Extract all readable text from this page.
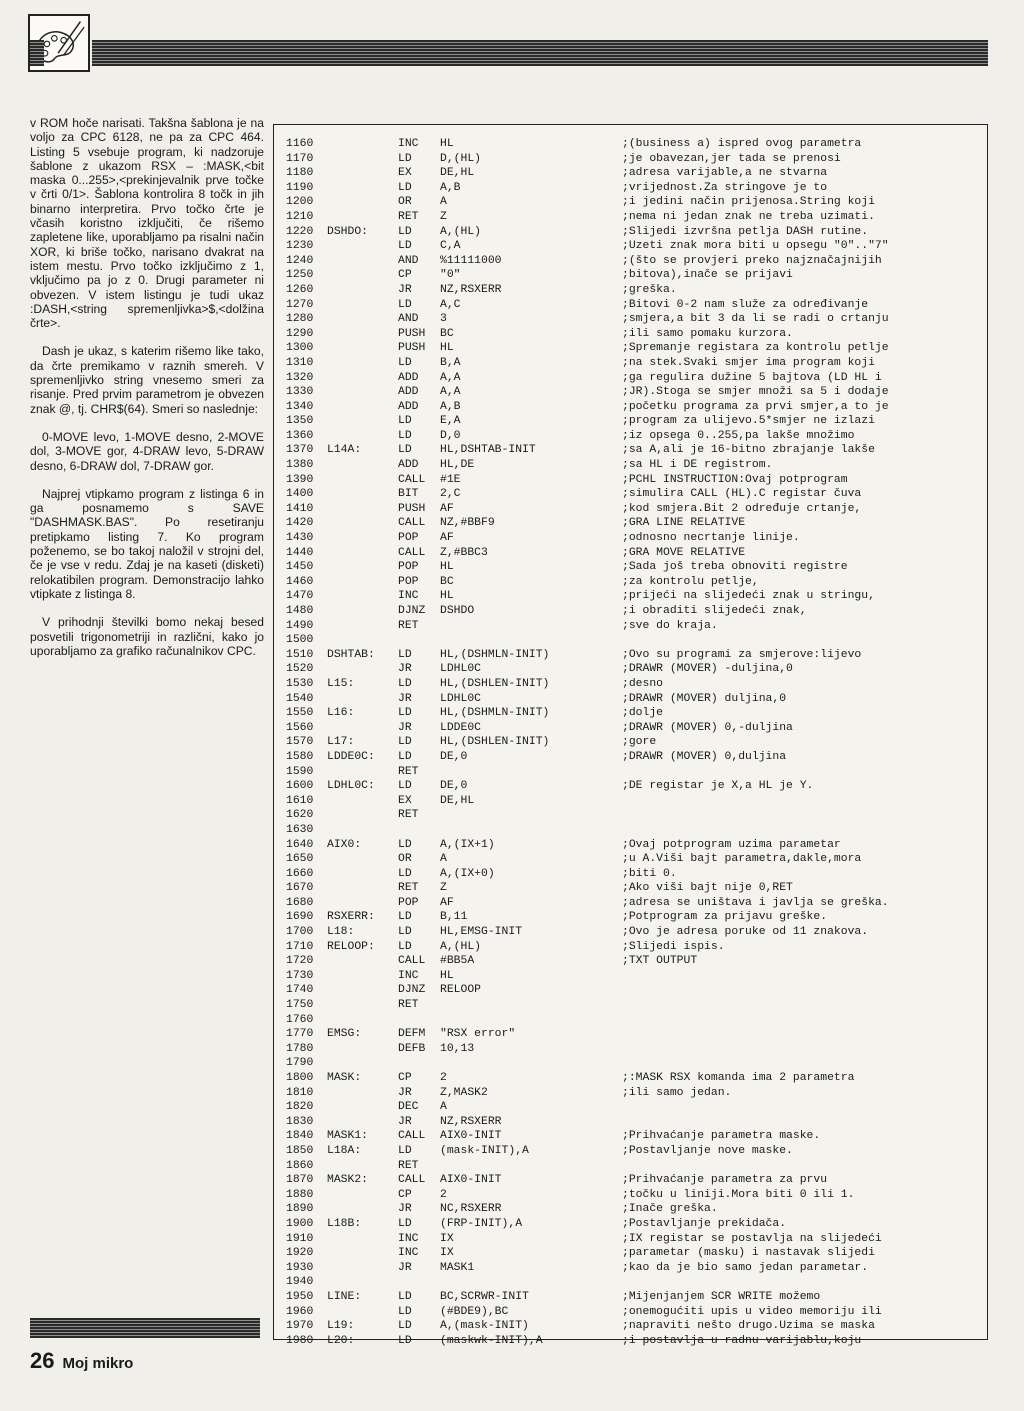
v ROM hoče narisati. Takšna šablona je na voljo za CPC 6128, ne pa za CPC 464. Listing 5 vsebuje program, ki nadzoruje šablone z ukazom RSX – :MASK,<bit maska 0...255>,<prekinjevalnik prve točke v črti 0/1>. Šablona kontrolira 8 točk in jih binarno interpretira. Prvo točko črte je včasih koristno izključiti, če rišemo zapletene like, uporabljamo pa risalni način XOR, ki briše točko, narisano dvakrat na istem mestu. Prvo točko izključimo z 1, vključimo pa jo z 0. Drugi parameter ni obvezen. V istem listingu je tudi ukaz :DASH,<string spremenljivka>$,<dolžina črte>.

Dash je ukaz, s katerim rišemo like tako, da črte premikamo v raznih smereh. V spremenljivko string vnesemo smeri za risanje. Pred prvim parametrom je obvezen znak @, tj. CHR$(64). Smeri so naslednje:

0-MOVE levo, 1-MOVE desno, 2-MOVE dol, 3-MOVE gor, 4-DRAW levo, 5-DRAW desno, 6-DRAW dol, 7-DRAW gor.

Najprej vtipkamo program z listinga 6 in ga posnamemo s SAVE "DASHMASK.BAS". Po resetiranju pretipkamo listing 7. Ko program poženemo, se bo takoj naložil v strojni del, če je vse v redu. Zdaj je na kaseti (disketi) relokatibilen program. Demonstracijo lahko vtipkate z listinga 8.

V prihodnji številki bomo nekaj besed posvetili trigonometriji in različni, kako jo uporabljamo za grafiko računalnikov CPC.

1160	INC HL	;(business a) ispred ovog parametra
1170	LD D,(HL)	;je obavezan,jer tada se prenosi
1180	EX DE,HL	;adresa varijable,a ne stvarna
1190	LD A,B	;vrijednost.Za stringove je to
1200	OR A	;i jedini način prijenosa.String koji
1210	RET Z	;nema ni jedan znak ne treba uzimati.
1220 DSHDO:	LD A,(HL)	;Slijedi izvršna petlja DASH rutine.
1230	LD C,A	;Uzeti znak mora biti u opsegu "0".."7"
1240	AND %11111000	;(što se provjeri preko najznačajnijih
1250	CP "0"	;bitova),inače se prijavi
1260	JR NZ,RSXERR	;greška.
1270	LD A,C	;Bitovi 0-2 nam služe za određivanje
1280	AND 3	;smjera,a bit 3 da li se radi o crtanju
1290	PUSH BC	;ili samo pomaku kurzora.
1300	PUSH HL	;Spremanje registara za kontrolu petlje
1310	LD B,A	;na stek.Svaki smjer ima program koji
1320	ADD A,A	;ga regulira dužine 5 bajtova (LD HL i
1330	ADD A,A	;JR).Stoga se smjer množi sa 5 i dodaje
1340	ADD A,B	;početku programa za prvi smjer,a to je
1350	LD E,A	;program za ulijevo.5*smjer ne izlazi
1360	LD D,0	;iz opsega 0..255,pa lakše množimo
1370 L14A:	LD HL,DSHTAB-INIT	;sa A,ali je 16-bitno zbrajanje lakše
1380	ADD HL,DE	;sa HL i DE registrom.
1390	CALL #1E	;PCHL INSTRUCTION:Ovaj potprogram
1400	BIT 2,C	;simulira CALL (HL).C registar čuva
1410	PUSH AF	;kod smjera.Bit 2 određuje crtanje,
1420	CALL NZ,#BBF9	;GRA LINE RELATIVE
1430	POP AF	;odnosno necrtanje linije.
1440	CALL Z,#BBC3	;GRA MOVE RELATIVE
1450	POP HL	;Sada još treba obnoviti registre
1460	POP BC	;za kontrolu petlje,
1470	INC HL	;prijeći na slijedeći znak u stringu,
1480	DJNZ DSHDO	;i obraditi slijedeći znak,
1490	RET	;sve do kraja.
1500
1510 DSHTAB: LD HL,(DSHMLN-INIT)	;Ovo su programi za smjerove:lijevo
1520	JR LDHL0C	;DRAWR (MOVER) -duljina,0
1530 L15:	LD HL,(DSHLEN-INIT)	;desno
1540	JR LDHL0C	;DRAWR (MOVER) duljina,0
1550 L16:	LD HL,(DSHMLN-INIT)	;dolje
1560	JR LDDE0C	;DRAWR (MOVER) 0,-duljina
1570 L17:	LD HL,(DSHLEN-INIT)	;gore
1580 LDDE0C: LD DE,0	;DRAWR (MOVER) 0,duljina
1590	RET
1600 LDHL0C: LD DE,0	;DE registar je X,a HL je Y.
1610	EX DE,HL
1620	RET
1630
1640 AIX0:	LD A,(IX+1)	;Ovaj potprogram uzima parametar
1650	OR A	;u A.Viši bajt parametra,dakle,mora
1660	LD A,(IX+0)	;biti 0.
1670	RET Z	;Ako viši bajt nije 0,RET
1680	POP AF	;adresa se uništava i javlja se greška.
1690 RSXERR: LD B,11	;Potprogram za prijavu greške.
1700 L18:	LD HL,EMSG-INIT	;Ovo je adresa poruke od 11 znakova.
1710 RELOOP: LD A,(HL)	;Slijedi ispis.
1720	CALL #BB5A	;TXT OUTPUT
1730	INC HL
1740	DJNZ RELOOP
1750	RET
1760
1770 EMSG:	DEFM "RSX error"
1780	DEFB 10,13
1790
1800 MASK:	CP 2	;:MASK RSX komanda ima 2 parametra
1810	JR Z,MASK2	;ili samo jedan.
1820	DEC A
1830	JR NZ,RSXERR
1840 MASK1:	CALL AIX0-INIT	;Prihvaćanje parametra maske.
1850 L18A:	LD (mask-INIT),A	;Postavljanje nove maske.
1860	RET
1870 MASK2:	CALL AIX0-INIT	;Prihvaćanje parametra za prvu
1880	CP 2	;točku u liniji.Mora biti 0 ili 1.
1890	JR NC,RSXERR	;Inače greška.
1900 L18B:	LD (FRP-INIT),A	;Postavljanje prekidača.
1910	INC IX	;IX registar se postavlja na slijedeći
1920	INC IX	;parametar (masku) i nastavak slijedi
1930	JR MASK1	;kao da je bio samo jedan parametar.
1940
1950 LINE:	LD BC,SCRWR-INIT	;Mijenjanjem SCR WRITE možemo
1960	LD (#BDE9),BC	;onemogućiti upis u video memoriju ili
1970 L19:	LD A,(mask-INIT)	;napraviti nešto drugo.Uzima se maska
1980 L20:	LD (maskwk-INIT),A	;i postavlja u radnu varijablu,koju
26 Moj mikro
